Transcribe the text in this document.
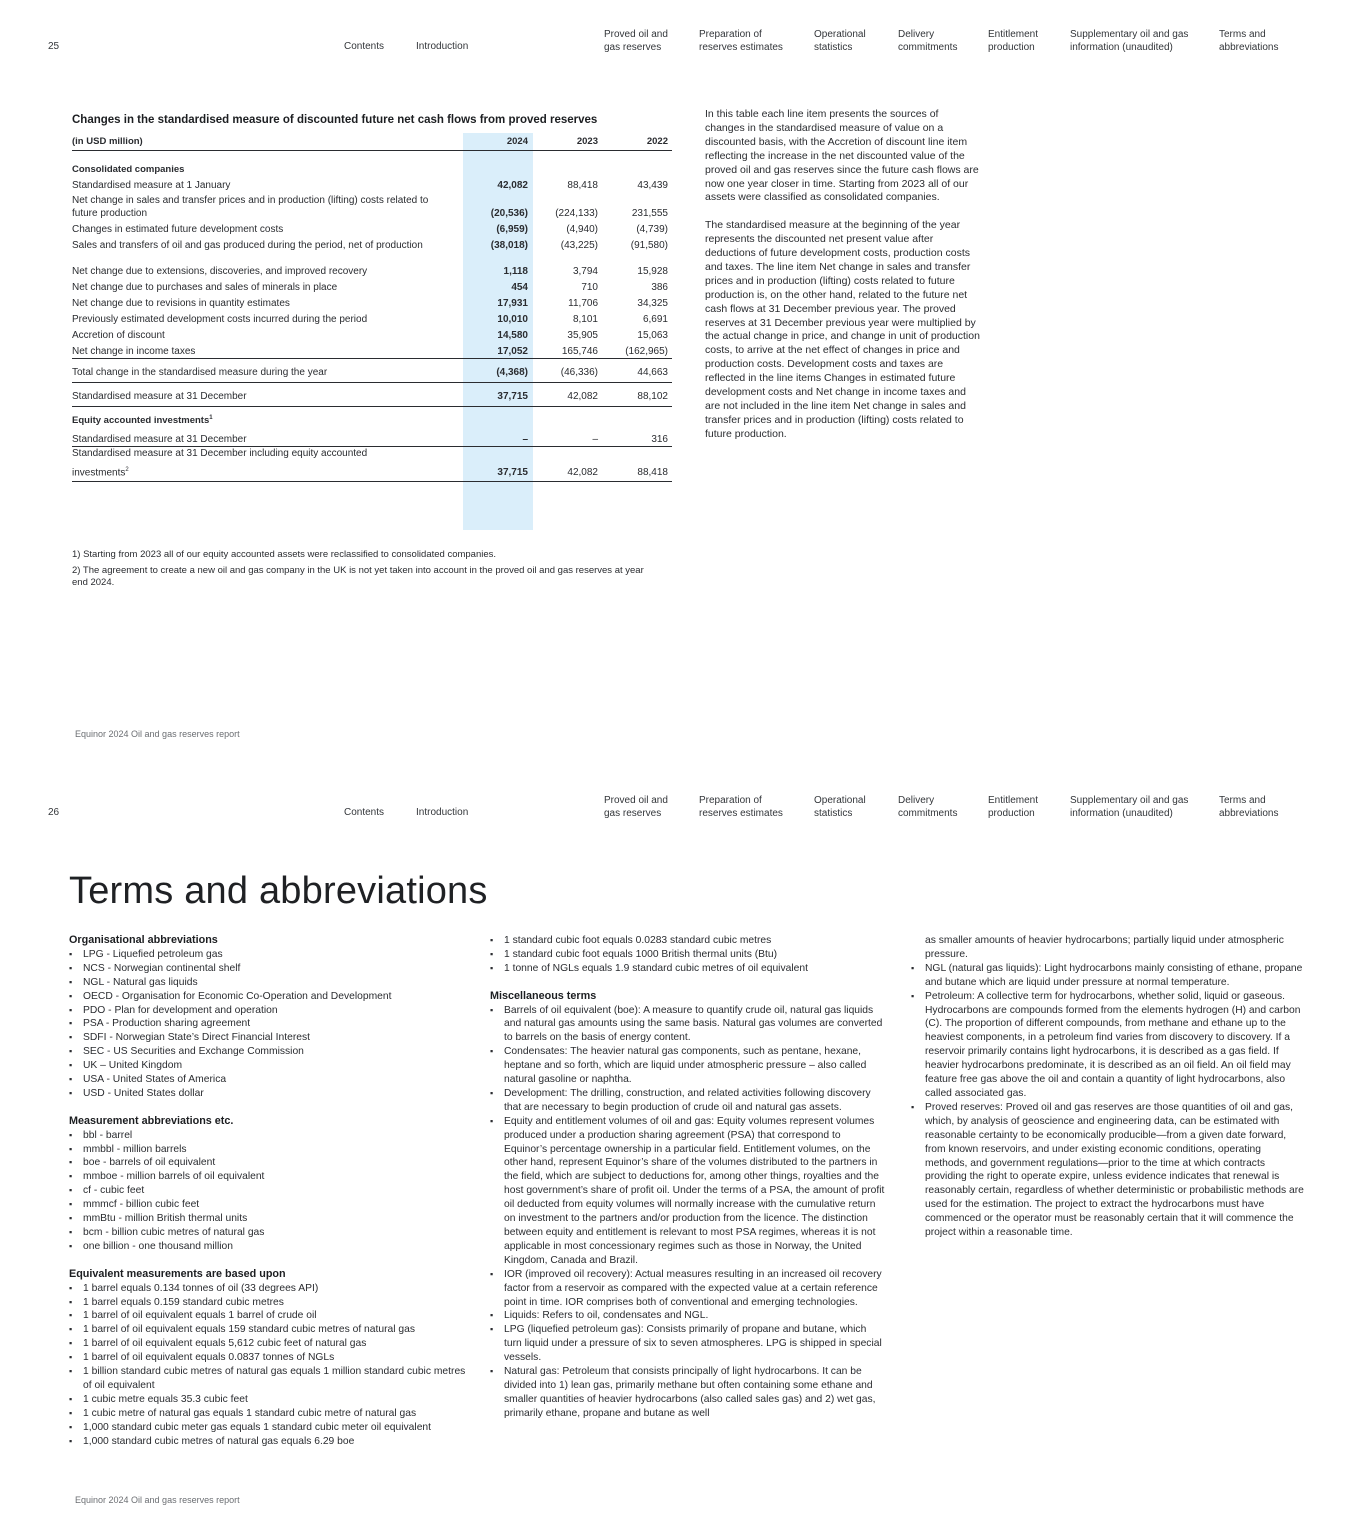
25	Contents	Introduction
Proved oil and
gas reserves
Preparation of
reserves estimates
Operational
statistics
Delivery
commitments
Entitlement
production
Supplementary oil and gas
information (unaudited)
Terms and
abbreviations
Changes in the standardised measure of discounted future net cash flows from proved reserves
(in USD million)	2024	2023	2022

Consolidated companies			
Standardised measure at 1 January	42,082	88,418	43,439
Net change in sales and transfer prices and in production (lifting) costs related to future production	(20,536)	(224,133)	231,555
Changes in estimated future development costs	(6,959)	(4,940)	(4,739)
Sales and transfers of oil and gas produced during the period, net of production	(38,018)	(43,225)	(91,580)

Net change due to extensions, discoveries, and improved recovery	1,118	3,794	15,928
Net change due to purchases and sales of minerals in place	454	710	386
Net change due to revisions in quantity estimates	17,931	11,706	34,325
Previously estimated development costs incurred during the period	10,010	8,101	6,691
Accretion of discount	14,580	35,905	15,063
Net change in income taxes	17,052	165,746	(162,965)
Total change in the standardised measure during the year	(4,368)	(46,336)	44,663
Standardised measure at 31 December	37,715	42,082	88,102
Equity accounted investments$^1$
Standardised measure at 31 December	–	–	316

Standardised measure at 31 December including equity accounted
investments$^2$	37,715	42,082	88,418

1) Starting from 2023 all of our equity accounted assets were reclassified to consolidated companies.

2) The agreement to create a new oil and gas company in the UK is not yet taken into account in the proved oil and gas reserves at year end 2024.

In this table each line item presents the sources of changes in the standardised measure of value on a discounted basis, with the Accretion of discount line item reflecting the increase in the net discounted value of the proved oil and gas reserves since the future cash flows are now one year closer in time. Starting from 2023 all of our assets were classified as consolidated companies.

The standardised measure at the beginning of the year represents the discounted net present value after deductions of future development costs, production costs and taxes. The line item Net change in sales and transfer prices and in production (lifting) costs related to future production is, on the other hand, related to the future net cash flows at 31 December previous year. The proved reserves at 31 December previous year were multiplied by the actual change in price, and change in unit of production costs, to arrive at the net effect of changes in price and production costs. Development costs and taxes are reflected in the line items Changes in estimated future development costs and Net change in income taxes and are not included in the line item Net change in sales and transfer prices and in production (lifting) costs related to future production.

Equinor 2024 Oil and gas reserves report
26	Contents	Introduction
Proved oil and
gas reserves
Preparation of
reserves estimates
Operational
statistics
Delivery
commitments
Entitlement
production
Supplementary oil and gas
information (unaudited)
Terms and
abbreviations
Terms and abbreviations
Organisational abbreviations
▪ LPG - Liquefied petroleum gas
▪ NCS - Norwegian continental shelf
▪ NGL - Natural gas liquids
▪ OECD - Organisation for Economic Co-Operation and Development
▪ PDO - Plan for development and operation
▪ PSA - Production sharing agreement
▪ SDFI - Norwegian State’s Direct Financial Interest
▪ SEC - US Securities and Exchange Commission
▪ UK – United Kingdom
▪ USA - United States of America
▪ USD - United States dollar
Measurement abbreviations etc.
▪ bbl - barrel
▪ mmbbl - million barrels
▪ boe - barrels of oil equivalent
▪ mmboe - million barrels of oil equivalent
▪ cf - cubic feet
▪ mmmcf - billion cubic feet
▪ mmBtu - million British thermal units
▪ bcm - billion cubic metres of natural gas
▪ one billion - one thousand million
Equivalent measurements are based upon
▪ 1 barrel equals 0.134 tonnes of oil (33 degrees API)
▪ 1 barrel equals 0.159 standard cubic metres
▪ 1 barrel of oil equivalent equals 1 barrel of crude oil
▪ 1 barrel of oil equivalent equals 159 standard cubic metres of natural gas
▪ 1 barrel of oil equivalent equals 5,612 cubic feet of natural gas
▪ 1 barrel of oil equivalent equals 0.0837 tonnes of NGLs
▪ 1 billion standard cubic metres of natural gas equals 1 million standard cubic metres of oil equivalent
▪ 1 cubic metre equals 35.3 cubic feet
▪ 1 cubic metre of natural gas equals 1 standard cubic metre of natural gas
▪ 1,000 standard cubic meter gas equals 1 standard cubic meter oil equivalent
▪ 1,000 standard cubic metres of natural gas equals 6.29 boe
▪ 1 standard cubic foot equals 0.0283 standard cubic metres
▪ 1 standard cubic foot equals 1000 British thermal units (Btu)
▪ 1 tonne of NGLs equals 1.9 standard cubic metres of oil equivalent
Miscellaneous terms
▪ Barrels of oil equivalent (boe): A measure to quantify crude oil, natural gas liquids and natural gas amounts using the same basis. Natural gas volumes are converted to barrels on the basis of energy content.
▪ Condensates: The heavier natural gas components, such as pentane, hexane, heptane and so forth, which are liquid under atmospheric pressure – also called natural gasoline or naphtha.
▪ Development: The drilling, construction, and related activities following discovery that are necessary to begin production of crude oil and natural gas assets.
▪ Equity and entitlement volumes of oil and gas: Equity volumes represent volumes produced under a production sharing agreement (PSA) that correspond to Equinor’s percentage ownership in a particular field. Entitlement volumes, on the other hand, represent Equinor’s share of the volumes distributed to the partners in the field, which are subject to deductions for, among other things, royalties and the host government’s share of profit oil. Under the terms of a PSA, the amount of profit oil deducted from equity volumes will normally increase with the cumulative return on investment to the partners and/or production from the licence. The distinction between equity and entitlement is relevant to most PSA regimes, whereas it is not applicable in most concessionary regimes such as those in Norway, the United Kingdom, Canada and Brazil.
▪ IOR (improved oil recovery): Actual measures resulting in an increased oil recovery factor from a reservoir as compared with the expected value at a certain reference point in time. IOR comprises both of conventional and emerging technologies.
▪ Liquids: Refers to oil, condensates and NGL.
▪ LPG (liquefied petroleum gas): Consists primarily of propane and butane, which turn liquid under a pressure of six to seven atmospheres. LPG is shipped in special vessels.
▪ Natural gas: Petroleum that consists principally of light hydrocarbons. It can be divided into 1) lean gas, primarily methane but often containing some ethane and smaller quantities of heavier hydrocarbons (also called sales gas) and 2) wet gas, primarily ethane, propane and butane as well
as smaller amounts of heavier hydrocarbons; partially liquid under atmospheric pressure.
▪ NGL (natural gas liquids): Light hydrocarbons mainly consisting of ethane, propane and butane which are liquid under pressure at normal temperature.
▪ Petroleum: A collective term for hydrocarbons, whether solid, liquid or gaseous. Hydrocarbons are compounds formed from the elements hydrogen (H) and carbon (C). The proportion of different compounds, from methane and ethane up to the heaviest components, in a petroleum find varies from discovery to discovery. If a reservoir primarily contains light hydrocarbons, it is described as a gas field. If heavier hydrocarbons predominate, it is described as an oil field. An oil field may feature free gas above the oil and contain a quantity of light hydrocarbons, also called associated gas.
▪ Proved reserves: Proved oil and gas reserves are those quantities of oil and gas, which, by analysis of geoscience and engineering data, can be estimated with reasonable certainty to be economically producible—from a given date forward, from known reservoirs, and under existing economic conditions, operating methods, and government regulations—prior to the time at which contracts providing the right to operate expire, unless evidence indicates that renewal is reasonably certain, regardless of whether deterministic or probabilistic methods are used for the estimation. The project to extract the hydrocarbons must have commenced or the operator must be reasonably certain that it will commence the project within a reasonable time.
Equinor 2024 Oil and gas reserves report
